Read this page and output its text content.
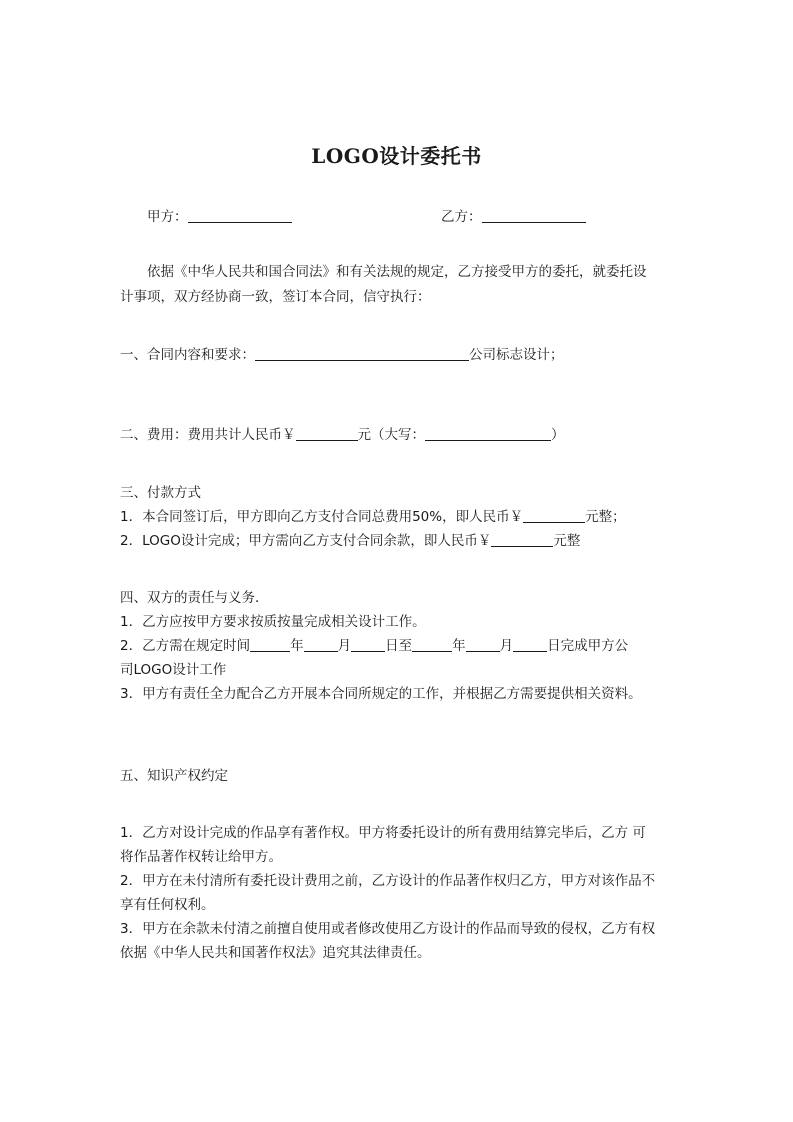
LOGO设计委托书
甲方：	乙方：
依据《中华人民共和国合同法》和有关法规的规定，乙方接受甲方的委托，就委托设
计事项，双方经协商一致，签订本合同，信守执行：
一、合同内容和要求：	公司标志设计；
二、费用：费用共计人民币￥	元（大写：	）
三、付款方式
1．本合同签订后，甲方即向乙方支付合同总费用50%，即人民币￥	元整；
2．LOGO设计完成；甲方需向乙方支付合同余款，即人民币￥	元整
四、双方的责任与义务．
1．乙方应按甲方要求按质按量完成相关设计工作。
2．乙方需在规定时间	年	月	日至	年	月	日完成甲方公
司LOGO设计工作
3．甲方有责任全力配合乙方开展本合同所规定的工作，并根据乙方需要提供相关资料。
五、知识产权约定
1．乙方对设计完成的作品享有著作权。甲方将委托设计的所有费用结算完毕后，乙方 可
将作品著作权转让给甲方。
2．甲方在未付清所有委托设计费用之前，乙方设计的作品著作权归乙方，甲方对该作品不
享有任何权利。
3．甲方在余款未付清之前擅自使用或者修改使用乙方设计的作品而导致的侵权，乙方有权
依据《中华人民共和国著作权法》追究其法律责任。
